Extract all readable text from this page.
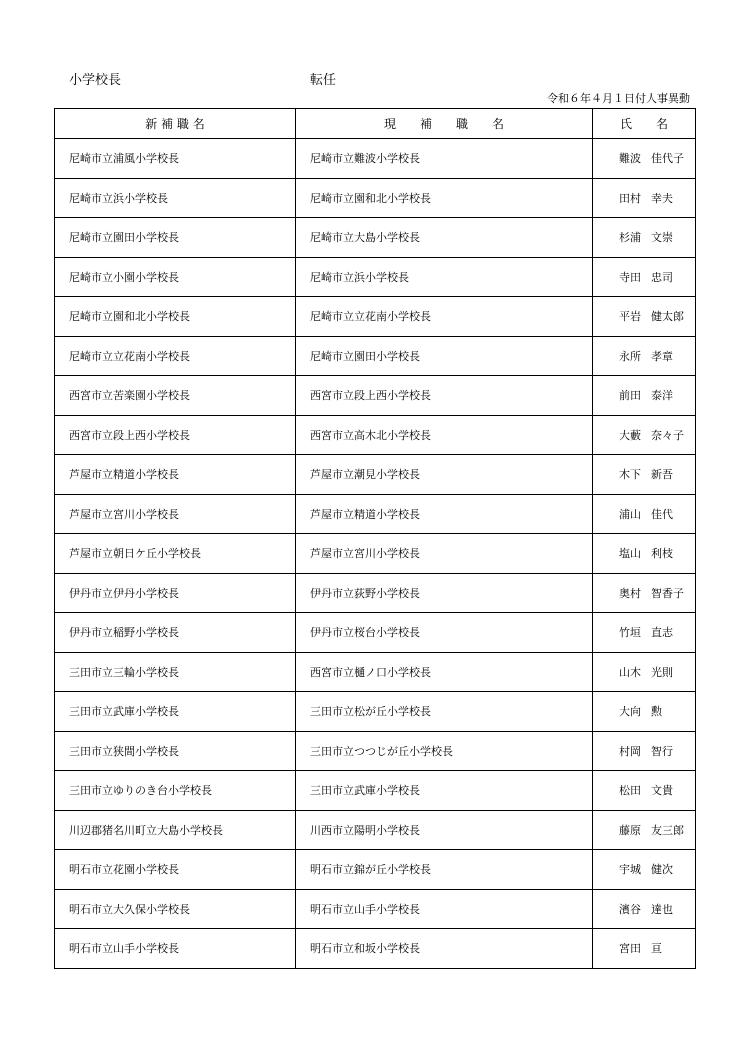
小学校長	転任
令和６年４月１日付人事異動
新 補 職 名	現　　補　　職　　名	氏　　名
尼崎市立浦風小学校長	尼崎市立難波小学校長	難波 佳代子
尼崎市立浜小学校長	尼崎市立園和北小学校長	田村 幸夫
尼崎市立園田小学校長	尼崎市立大島小学校長	杉浦 文崇
尼崎市立小園小学校長	尼崎市立浜小学校長	寺田 忠司
尼崎市立園和北小学校長	尼崎市立立花南小学校長	平岩 健太郎
尼崎市立立花南小学校長	尼崎市立園田小学校長	永所 孝章
西宮市立苦楽園小学校長	西宮市立段上西小学校長	前田 泰洋
西宮市立段上西小学校長	西宮市立高木北小学校長	大藪 奈々子
芦屋市立精道小学校長	芦屋市立潮見小学校長	木下 新吾
芦屋市立宮川小学校長	芦屋市立精道小学校長	浦山 佳代
芦屋市立朝日ケ丘小学校長	芦屋市立宮川小学校長	塩山 利枝
伊丹市立伊丹小学校長	伊丹市立荻野小学校長	奥村 智香子
伊丹市立稲野小学校長	伊丹市立桜台小学校長	竹垣 直志
三田市立三輪小学校長	西宮市立樋ノ口小学校長	山木 光則
三田市立武庫小学校長	三田市立松が丘小学校長	大向 勲
三田市立狭間小学校長	三田市立つつじが丘小学校長	村岡 智行
三田市立ゆりのき台小学校長	三田市立武庫小学校長	松田 文貴
川辺郡猪名川町立大島小学校長	川西市立陽明小学校長	藤原 友三郎
明石市立花園小学校長	明石市立錦が丘小学校長	宇城 健次
明石市立大久保小学校長	明石市立山手小学校長	濱谷 達也
明石市立山手小学校長	明石市立和坂小学校長	宮田 亘
